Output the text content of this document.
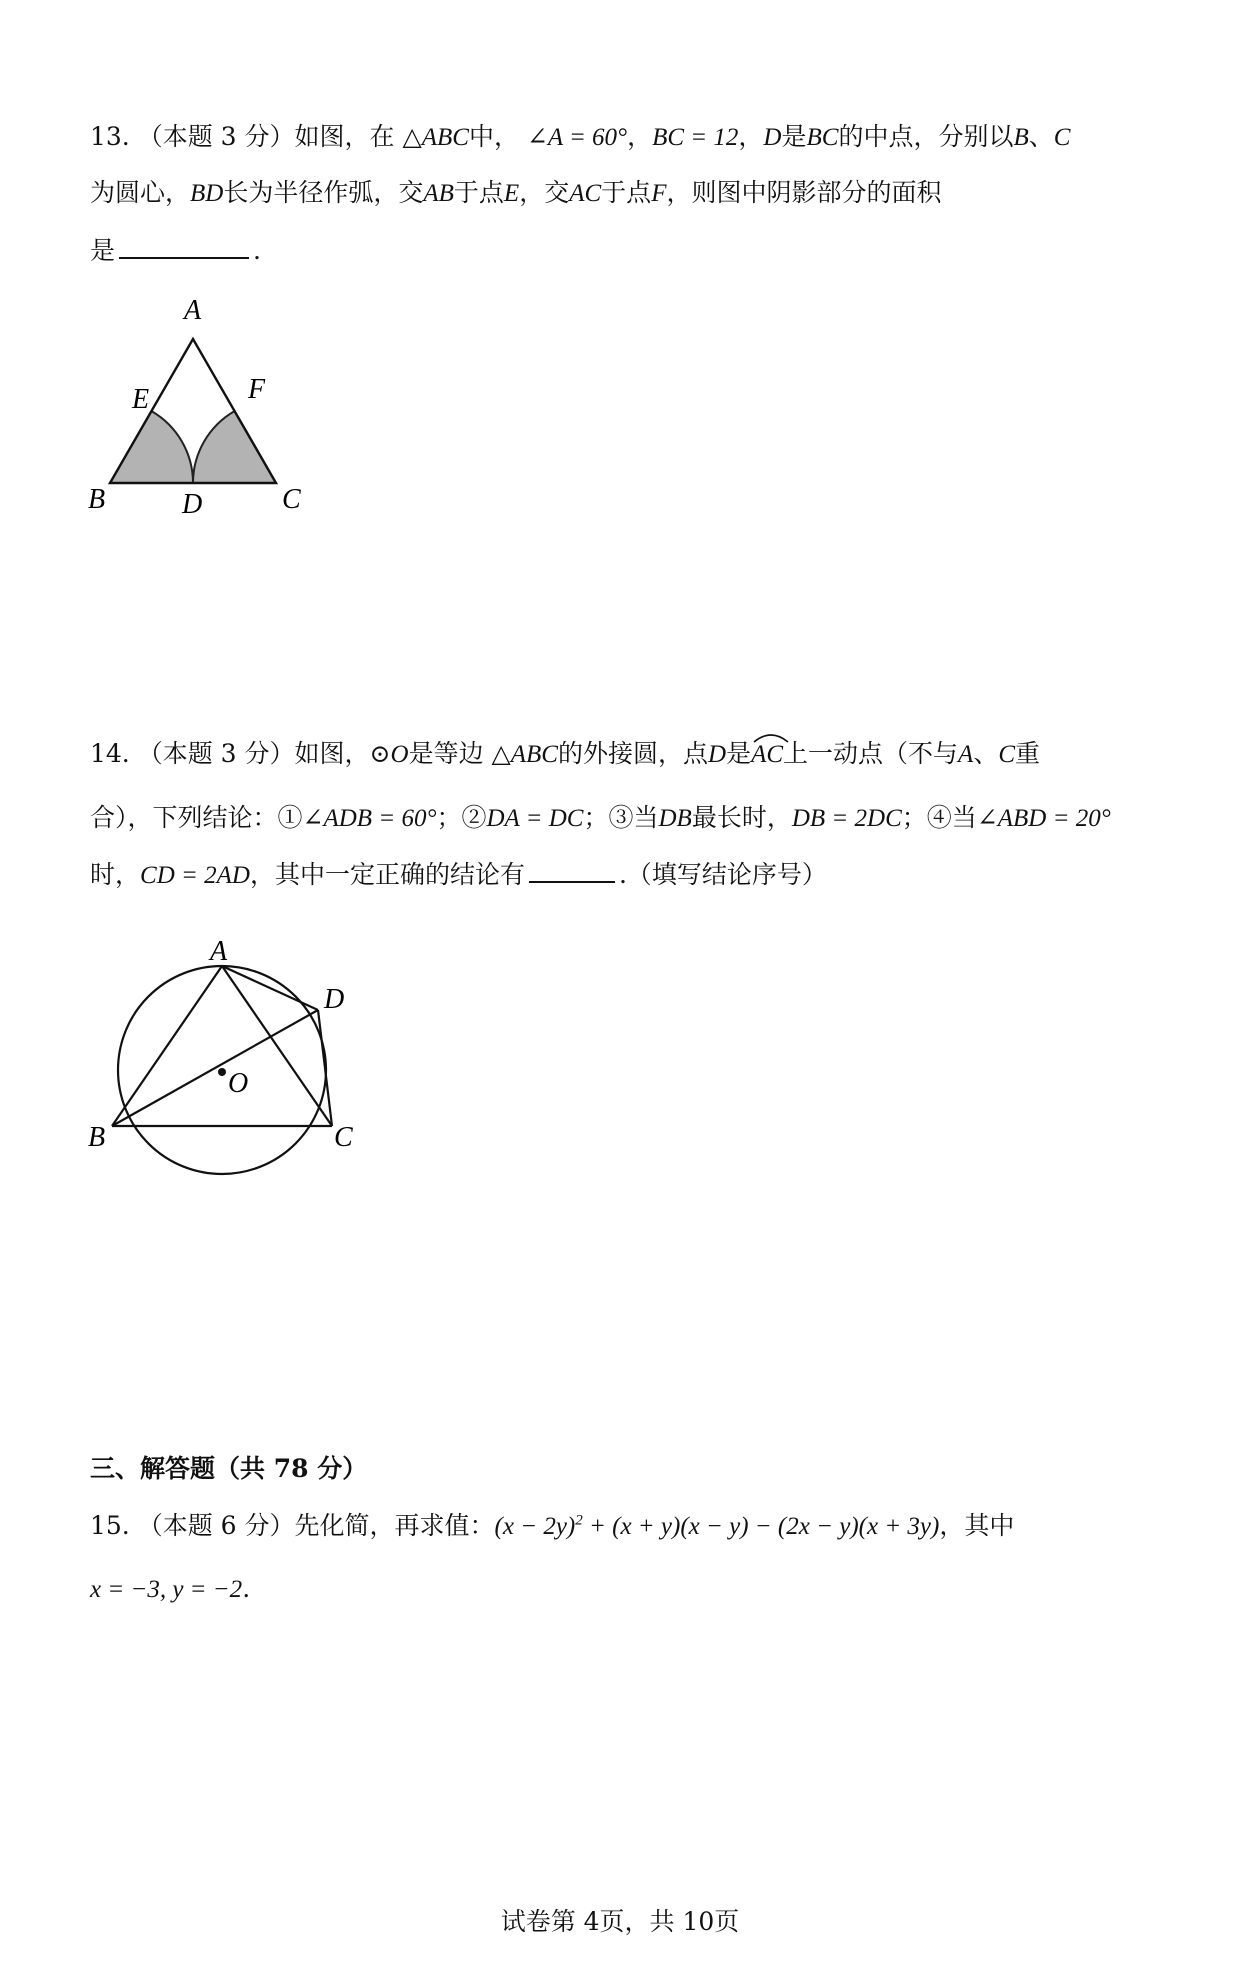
13. （本题 3 分）如图，在 △ABC中， ∠A = 60°，BC = 12，D是BC的中点，分别以B、C
为圆心，BD长为半径作弧，交AB于点E，交AC于点F，则图中阴影部分的面积
是	.
A
E	F
B	D	C
14. （本题 3 分）如图，⊙O是等边 △ABC的外接圆，点D是
AC上一动点（不与A、C重
合），下列结论：①∠ADB = 60°；②DA = DC；③当DB最长时，DB = 2DC；④当∠ABD = 20°
时，CD = 2AD，其中一定正确的结论有	.（填写结论序号）
A
D
O
B	C
三、解答题（共 78 分）
15. （本题 6 分）先化简，再求值：$(x - 2y)^2 + (x + y)(x - y) - (2x - y)(x + 3y)$，其中
x = −3, y = −2.
试卷第 4页，共 10页
